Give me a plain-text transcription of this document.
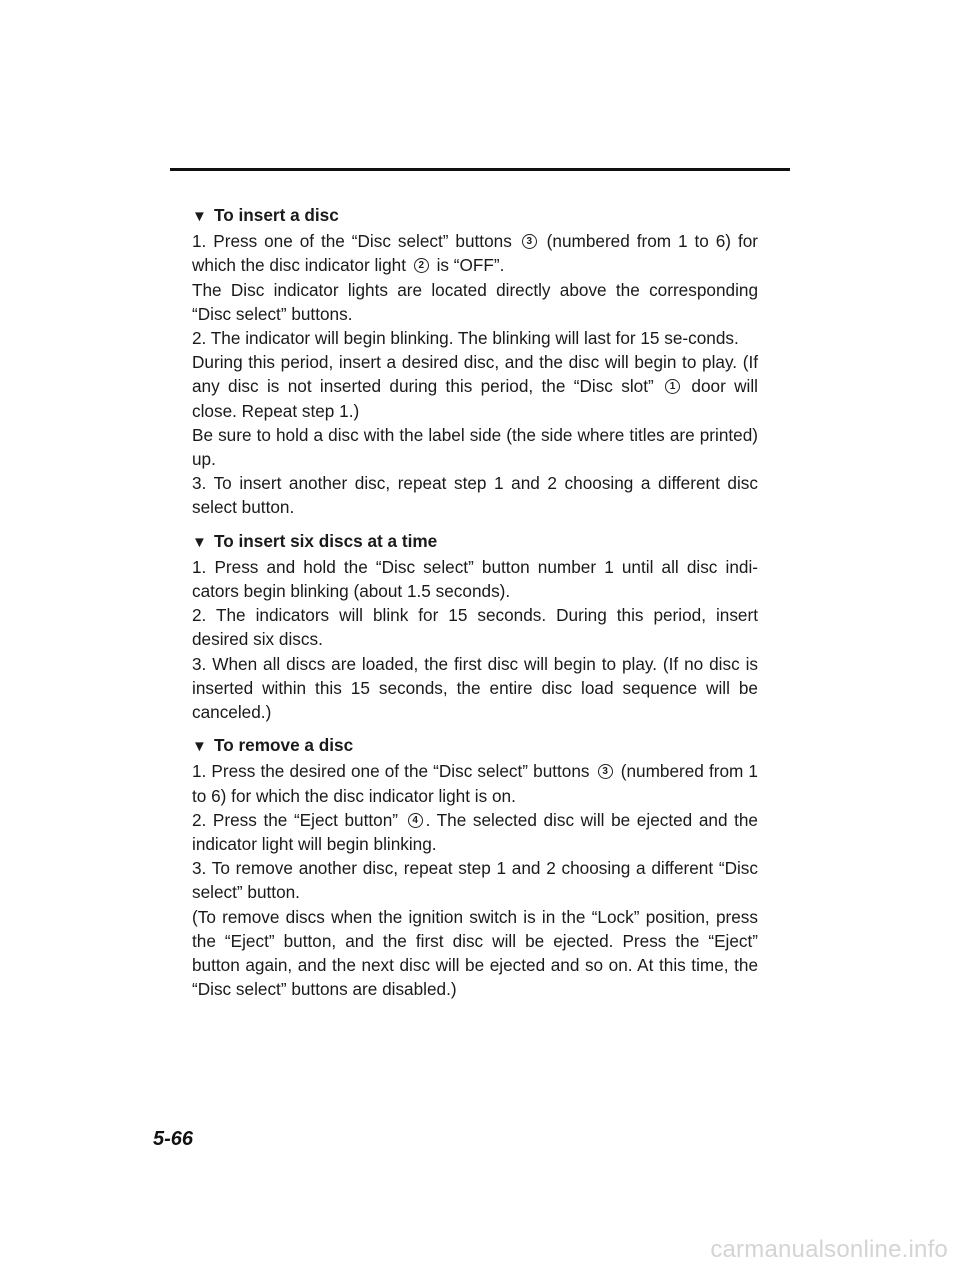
▼ To insert a disc

1. Press one of the “Disc select” buttons 3 (numbered from 1 to 6) for which the disc indicator light 2 is “OFF”.

The Disc indicator lights are located directly above the corresponding “Disc select” buttons.

2. The indicator will begin blinking. The blinking will last for 15 se-conds.

During this period, insert a desired disc, and the disc will begin to play. (If any disc is not inserted during this period, the “Disc slot” 1 door will close. Repeat step 1.)

Be sure to hold a disc with the label side (the side where titles are printed) up.

3. To insert another disc, repeat step 1 and 2 choosing a different disc select button.

▼ To insert six discs at a time

1. Press and hold the “Disc select” button number 1 until all disc indi-cators begin blinking (about 1.5 seconds).

2. The indicators will blink for 15 seconds. During this period, insert desired six discs.

3. When all discs are loaded, the first disc will begin to play. (If no disc is inserted within this 15 seconds, the entire disc load sequence will be canceled.)

▼ To remove a disc

1. Press the desired one of the “Disc select” buttons 3 (numbered from 1 to 6) for which the disc indicator light is on.

2. Press the “Eject button” 4 . The selected disc will be ejected and the indicator light will begin blinking.

3. To remove another disc, repeat step 1 and 2 choosing a different “Disc select” button.

(To remove discs when the ignition switch is in the “Lock” position, press the “Eject” button, and the first disc will be ejected. Press the “Eject” button again, and the next disc will be ejected and so on. At this time, the “Disc select” buttons are disabled.)

5-66
carmanualsonline.info
